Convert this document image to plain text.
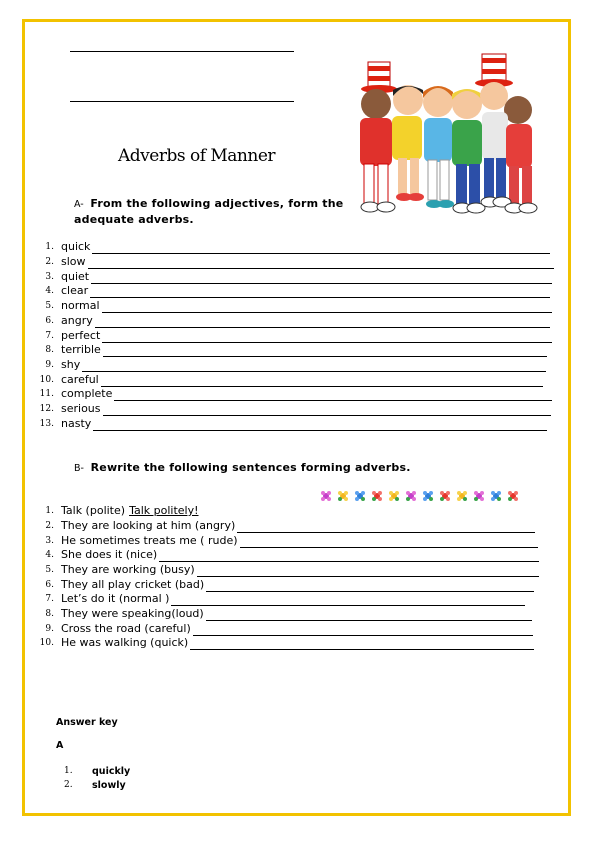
Adverbs of Manner
A- From the following adjectives, form the adequate adverbs.
1. quick
2. slow
3. quiet
4. clear
5. normal
6. angry
7. perfect
8. terrible
9. shy
10. careful
11. complete
12. serious
13. nasty
B- Rewrite the following sentences forming adverbs.
1. Talk (polite) Talk politely!
2. They are looking at him (angry)
3. He sometimes treats me ( rude)
4. She does it (nice)
5. They are working (busy)
6. They all play cricket (bad)
7. Let’s do it (normal )
8. They were speaking(loud)
9. Cross the road (careful)
10. He was walking (quick)
Answer key
A
1. quickly
2. slowly
